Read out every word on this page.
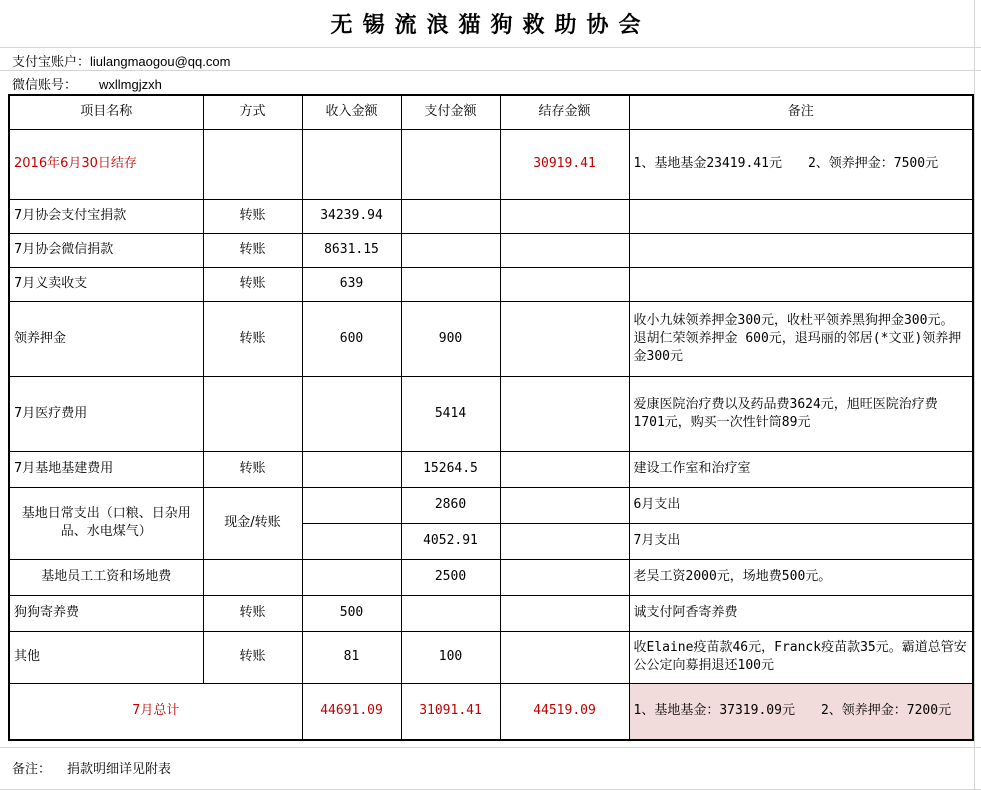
无锡流浪猫狗救助协会
支付宝账户：liulangmaogou@qq.com
微信账号： wxllmgjzxh
项目名称	方式	收入金额	支付金额	结存金额	备注
2016年6月30日结存				30919.41	1、基地基金23419.41元　　2、领养押金：7500元
7月协会支付宝捐款	转账	34239.94			
7月协会微信捐款	转账	8631.15			
7月义卖收支	转账	639			
领养押金	转账	600	900		收小九妹领养押金300元，收杜平领养黑狗押金300元。　 退胡仁荣领养押金 600元，退玛丽的邻居(*文亚)领养押金300元
7月医疗费用			5414		爱康医院治疗费以及药品费3624元，旭旺医院治疗费1701元，购买一次性针筒89元
7月基地基建费用	转账		15264.5		建设工作室和治疗室
基地日常支出（口粮、日杂用品、水电煤气）	现金/转账		2860		6月支出
			4052.91		7月支出
基地员工工资和场地费			2500		老吴工资2000元，场地费500元。
狗狗寄养费	转账	500			诚支付阿香寄养费
其他	转账	81	100		收Elaine疫苗款46元，Franck疫苗款35元。霸道总管安公公定向募捐退还100元
7月总计		44691.09	31091.41	44519.09	1、基地基金：37319.09元　　2、领养押金：7200元
备注： 捐款明细详见附表
